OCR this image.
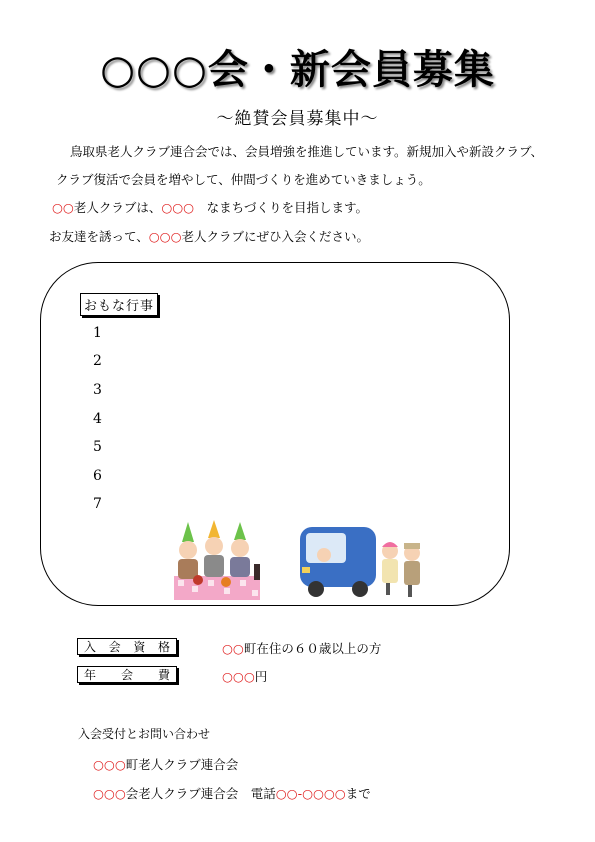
○○○会・新会員募集
～絶賛会員募集中～
鳥取県老人クラブ連合会では、会員増強を推進しています。新規加入や新設クラブ、
クラブ復活で会員を増やして、仲間づくりを進めていきましょう。
○○老人クラブは、○○○　なまちづくりを目指します。
お友達を誘って、○○○老人クラブにぜひ入会ください。
おもな行事
1
2
3
4
5
6
7
入 会 資 格	○○町在住の６０歳以上の方
年 会 費	○○○円
入会受付とお問い合わせ
○○○町老人クラブ連合会
○○○会老人クラブ連合会　電話○○-○○○○まで
